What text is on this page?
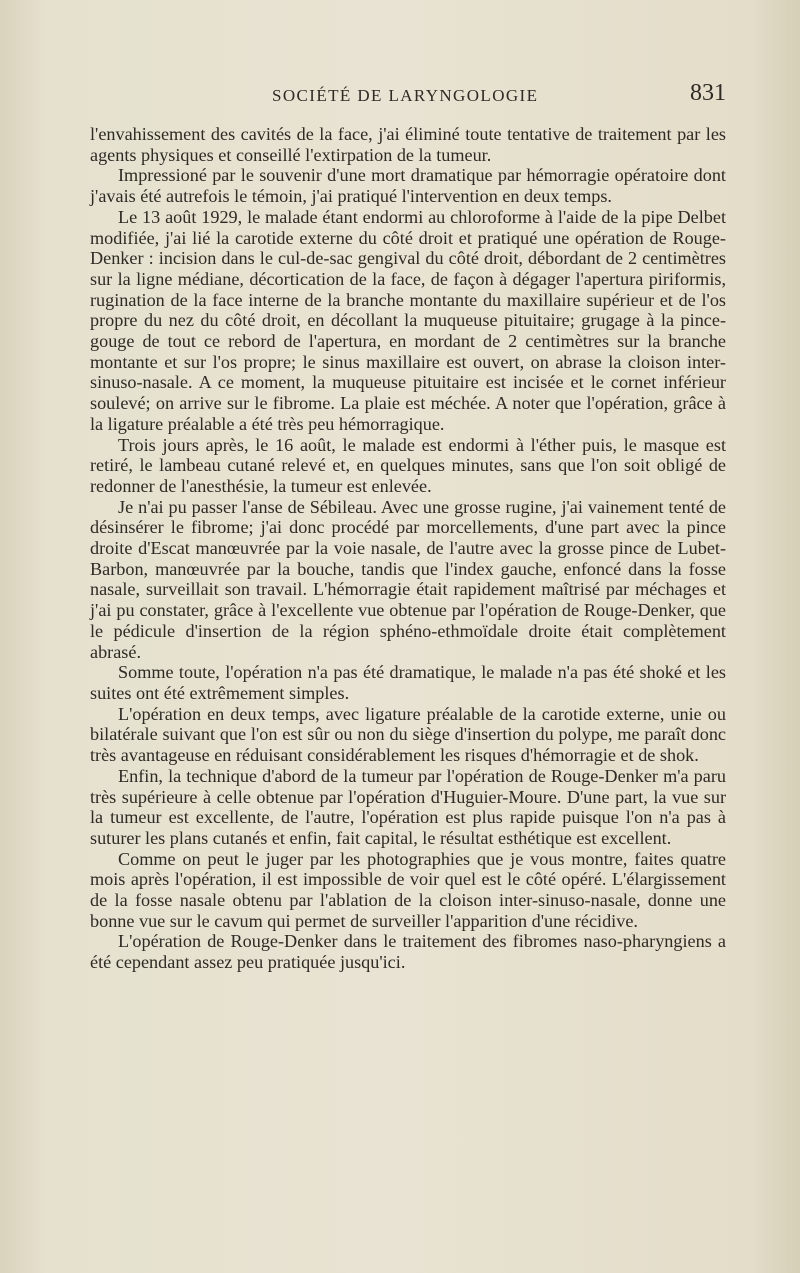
SOCIÉTÉ DE LARYNGOLOGIE	831

l'envahissement des cavités de la face, j'ai éliminé toute tentative de traitement par les agents physiques et conseillé l'extirpation de la tumeur.

Impressioné par le souvenir d'une mort dramatique par hémorragie opératoire dont j'avais été autrefois le témoin, j'ai pratiqué l'intervention en deux temps.

Le 13 août 1929, le malade étant endormi au chloroforme à l'aide de la pipe Delbet modifiée, j'ai lié la carotide externe du côté droit et pratiqué une opération de Rouge-Denker : incision dans le cul-de-sac gengival du côté droit, débordant de 2 centimètres sur la ligne médiane, décortication de la face, de façon à dégager l'apertura piriformis, rugination de la face interne de la branche montante du maxillaire supérieur et de l'os propre du nez du côté droit, en décollant la muqueuse pituitaire; grugage à la pince-gouge de tout ce rebord de l'apertura, en mordant de 2 centimètres sur la branche montante et sur l'os propre; le sinus maxillaire est ouvert, on abrase la cloison inter-sinuso-nasale. A ce moment, la muqueuse pituitaire est incisée et le cornet inférieur soulevé; on arrive sur le fibrome. La plaie est méchée. A noter que l'opération, grâce à la ligature préalable a été très peu hémorragique.

Trois jours après, le 16 août, le malade est endormi à l'éther puis, le masque est retiré, le lambeau cutané relevé et, en quelques minutes, sans que l'on soit obligé de redonner de l'anesthésie, la tumeur est enlevée.

Je n'ai pu passer l'anse de Sébileau. Avec une grosse rugine, j'ai vainement tenté de désinsérer le fibrome; j'ai donc procédé par morcellements, d'une part avec la pince droite d'Escat manœuvrée par la voie nasale, de l'autre avec la grosse pince de Lubet-Barbon, manœuvrée par la bouche, tandis que l'index gauche, enfoncé dans la fosse nasale, surveillait son travail. L'hémorragie était rapidement maîtrisé par méchages et j'ai pu constater, grâce à l'excellente vue obtenue par l'opération de Rouge-Denker, que le pédicule d'insertion de la région sphéno-ethmoïdale droite était complètement abrasé.

Somme toute, l'opération n'a pas été dramatique, le malade n'a pas été shoké et les suites ont été extrêmement simples.

L'opération en deux temps, avec ligature préalable de la carotide externe, unie ou bilatérale suivant que l'on est sûr ou non du siège d'insertion du polype, me paraît donc très avantageuse en réduisant considérablement les risques d'hémorragie et de shok.

Enfin, la technique d'abord de la tumeur par l'opération de Rouge-Denker m'a paru très supérieure à celle obtenue par l'opération d'Huguier-Moure. D'une part, la vue sur la tumeur est excellente, de l'autre, l'opération est plus rapide puisque l'on n'a pas à suturer les plans cutanés et enfin, fait capital, le résultat esthétique est excellent.

Comme on peut le juger par les photographies que je vous montre, faites quatre mois après l'opération, il est impossible de voir quel est le côté opéré. L'élargissement de la fosse nasale obtenu par l'ablation de la cloison inter-sinuso-nasale, donne une bonne vue sur le cavum qui permet de surveiller l'apparition d'une récidive.

L'opération de Rouge-Denker dans le traitement des fibromes naso-pharyngiens a été cependant assez peu pratiquée jusqu'ici.
